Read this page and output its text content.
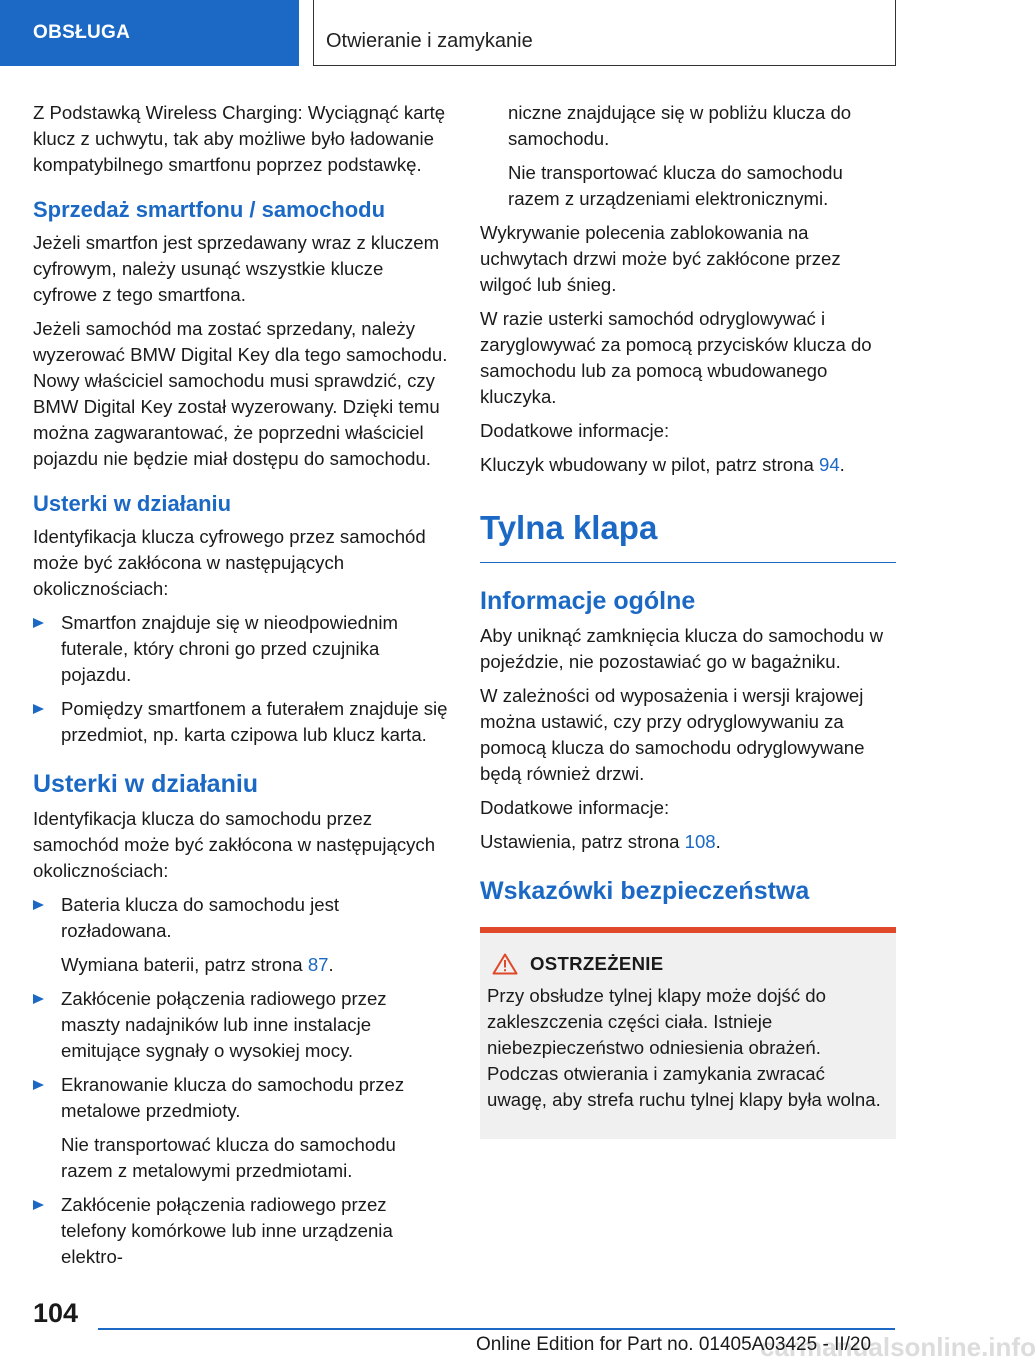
OBSŁUGA	Otwieranie i zamykanie

Z Podstawką Wireless Charging: Wyciągnąć kartę klucz z uchwytu, tak aby możliwe było ładowanie kompatybilnego smartfonu poprzez podstawkę.

Sprzedaż smartfonu / samochodu

Jeżeli smartfon jest sprzedawany wraz z kluczem cyfrowym, należy usunąć wszystkie klucze cyfrowe z tego smartfona.

Jeżeli samochód ma zostać sprzedany, należy wyzerować BMW Digital Key dla tego samochodu. Nowy właściciel samochodu musi sprawdzić, czy BMW Digital Key został wyzerowany. Dzięki temu można zagwarantować, że poprzedni właściciel pojazdu nie będzie miał dostępu do samochodu.

Usterki w działaniu

Identyfikacja klucza cyfrowego przez samochód może być zakłócona w następujących okolicznościach:

Smartfon znajduje się w nieodpowiednim futerale, który chroni go przed czujnika pojazdu.
Pomiędzy smartfonem a futerałem znajduje się przedmiot, np. karta czipowa lub klucz karta.
Usterki w działaniu

Identyfikacja klucza do samochodu przez samochód może być zakłócona w następujących okolicznościach:

Bateria klucza do samochodu jest rozładowana.
Wymiana baterii, patrz strona 87.
Zakłócenie połączenia radiowego przez maszty nadajników lub inne instalacje emitujące sygnały o wysokiej mocy.
Ekranowanie klucza do samochodu przez metalowe przedmioty.
Nie transportować klucza do samochodu razem z metalowymi przedmiotami.
Zakłócenie połączenia radiowego przez telefony komórkowe lub inne urządzenia elektro-

niczne znajdujące się w pobliżu klucza do samochodu.

Nie transportować klucza do samochodu razem z urządzeniami elektronicznymi.

Wykrywanie polecenia zablokowania na uchwytach drzwi może być zakłócone przez wilgoć lub śnieg.

W razie usterki samochód odryglowywać i zaryglowywać za pomocą przycisków klucza do samochodu lub za pomocą wbudowanego kluczyka.

Dodatkowe informacje:

Kluczyk wbudowany w pilot, patrz strona 94.

Tylna klapa
Informacje ogólne

Aby uniknąć zamknięcia klucza do samochodu w pojeździe, nie pozostawiać go w bagażniku.

W zależności od wyposażenia i wersji krajowej można ustawić, czy przy odryglowywaniu za pomocą klucza do samochodu odryglowywane będą również drzwi.

Dodatkowe informacje:

Ustawienia, patrz strona 108.

Wskazówki bezpieczeństwa
OSTRZEŻENIE

Przy obsłudze tylnej klapy może dojść do zakleszczenia części ciała. Istnieje niebezpieczeństwo odniesienia obrażeń. Podczas otwierania i zamykania zwracać uwagę, aby strefa ruchu tylnej klapy była wolna.

104
carmanualsonline.info
Online Edition for Part no. 01405A03425 - II/20
